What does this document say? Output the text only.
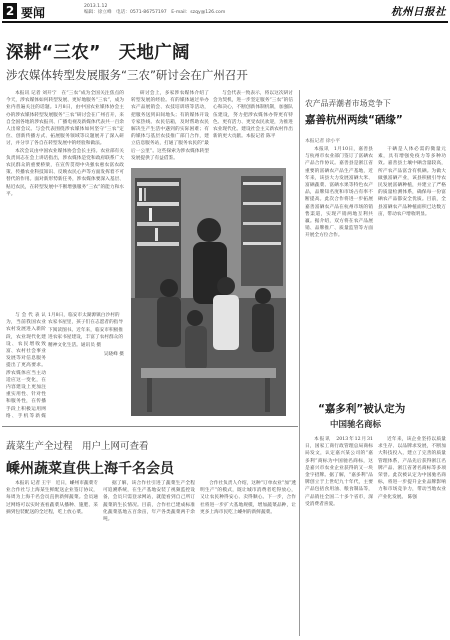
2 要闻	2013.1.12
编辑：徐立峰　电话：0571-86757197　E-mail：szqy@126.com	杭州日报社
深耕“三农”　天地广阔
涉农媒体转型发展服务“三农”研讨会在广州召开

本报讯 记者 刘开宁　在“三农”成为全国关注焦点的今天，涉农媒体如何转型发展、更好地服务“三农”，成为业内普遍关注的话题。1月8日，由中国农业媒体协会主办的涉农媒体转型发展服务“三农”研讨会在广州召开，来自全国各地的涉农报刊、广播电视及新媒体代表共一百余人出席会议。与会代表围绕涉农媒体如何坚守“三农”定位、创新传播方式、拓展服务领域等议题展开了深入研讨，并分享了各自在转型发展中的经验和做法。

本次会议由中国农业媒体协会会长主持。农业部有关负责同志在会上讲话指出，涉农媒体是党和政府联系广大农民群众的重要桥梁，在宣传贯彻中央强农惠农富农政策、传播农业科技知识、反映农民心声等方面发挥着不可替代的作用。面对新形势新任务，涉农媒体要深入基层、贴近农民，在转型发展中不断增强服务“三农”的能力和水平。

与会代表认为，当前我国农业农村发展进入新阶段，农业现代化建设、农民增收致富、农村社会事业发展等对信息服务提出了更高要求。涉农媒体应当主动适应这一变化，在内容建设上更加注重实用性、针对性和服务性，在传播手段上积极运用网络、手机等新媒

1月8日，临安市太湖源镇白沙村的农家书屋里，孩子们在志愿者的指导下阅读图书。近年来，临安市积极推进农家书屋建设，丰富了农村群众的精神文化生活。通讯员 摄

吴晓峰 摄

研讨会上，多家涉农媒体介绍了转型发展的经验。有的媒体通过举办农产品展销会、农技培训班等活动，把服务送到田间地头；有的媒体开设专家热线、农民信箱，及时帮助农民解决生产生活中遇到的实际困难；有的媒体与基层农技推广部门合作，建立信息服务站，打通了服务农民的“最后一公里”。这些探索为涉农媒体转型发展提供了有益借鉴。

与会代表一致表示，将以这次研讨会为契机，进一步坚定服务“三农”的信心和决心，不断创新体制机制，加强队伍建设，努力把涉农媒体办得更有特色、更有活力、更受农民欢迎，为推进农业现代化、建设社会主义新农村作出新的更大贡献。本报记者 陈平

蔬菜生产全过程　用户上网可查看
嵊州蔬菜直供上海千名会员

本报讯 记者 王宇　近日，嵊州市蔬菜专业合作社与上海某生鲜配送企业签订协议，每周为上海千名会员直供新鲜蔬菜。会员通过网络可以实时查看蔬菜从播种、施肥、采摘到包装配送的全过程，吃上放心菜。

据了解，该合作社引进了蔬菜生产全程可追溯系统，在生产基地安装了视频监控设备，会员只需登录网站，就能看到自己所订蔬菜的生长情况。目前，合作社已建成标准化蔬菜基地五百余亩，年产各类蔬菜两千余吨。

合作社负责人介绍，这种“订单农业”加“透明生产”的模式，既让城市消费者吃得放心，又让农民种得安心、卖得顺心。下一步，合作社将进一步扩大基地规模，增加蔬菜品种，让更多上海市民吃上嵊州的新鲜蔬菜。

农产品弄潮者市场竞争下
嘉善杭州两续“硒缘”
本报记者 徐小平

本报讯　1月10日，嘉善县与杭州市农业部门签订了富硒农产品合作协议。嘉善县是浙江省重要的富硒农产品生产基地，近年来，该县大力发展富硒大米、富硒蔬菜、富硒水果等特色农产品，品牌知名度和市场占有率不断提高。此次合作将进一步拓展嘉善富硒农产品在杭州市场的销售渠道，实现产销两地互利共赢。据介绍，双方将在农产品展销、品牌推广、质量监管等方面开展全方位合作。

干硒是人体必需的微量元素，具有增强免疫力等多种功效。嘉善县土壤中硒含量较高，所产农产品富含有机硒。为做大做强富硒产业，该县积极引导农民发展富硒种植，并建立了严格的质量检测体系，确保每一份富硒农产品都安全优质。目前，全县富硒农产品种植面积已达数万亩，带动农户增收明显。

“嘉多利”被认定为
中国驰名商标

本报讯　2013年12月31日，国家工商行政管理总局商标局发文，认定嘉兴某公司的“嘉多利”商标为中国驰名商标，这是嘉兴市农业企业获得的又一块金字招牌。据了解，“嘉多利”品牌创立于上世纪九十年代，主要产品包括食用油、粮食制品等，产品销往全国二十多个省市，深受消费者喜爱。

近年来，该企业坚持以质量求生存、以品牌求发展，不断加大科技投入，建立了完善的质量管理体系，产品先后获得浙江名牌产品、浙江省著名商标等多项荣誉。此次被认定为中国驰名商标，将进一步提升企业品牌影响力和市场竞争力，带动当地农业产业化发展。 陈强
